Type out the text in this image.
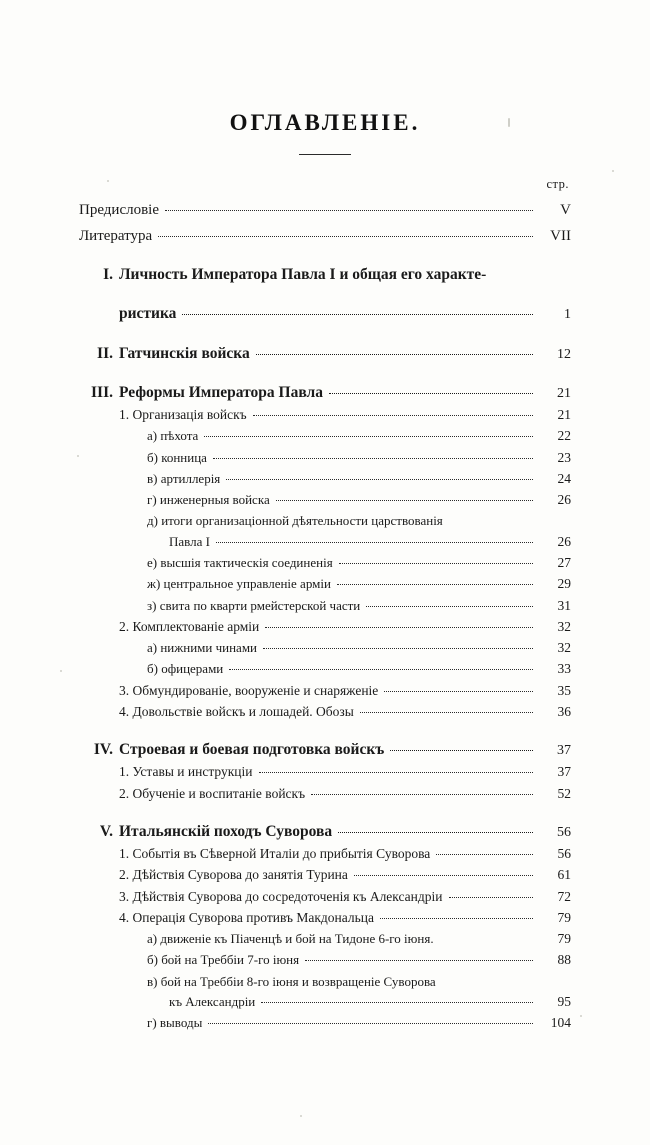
ОГЛАВЛЕНІЕ.
стр.
Предисловіе	V
Литература	VII
I. Личность Императора Павла I и общая его характе-
ристика	1
II. Гатчинскія войска	12
III. Реформы Императора Павла	21
1. Организація войскъ	21
а) пѣхота	22
б) конница	23
в) артиллерія	24
г) инженерныя войска	26
д) итоги организаціонной дѣятельности царствованія
Павла I	26
е) высшія тактическія соединенія	27
ж) центральное управленіе арміи	29
з) свита по кварти рмейстерской части	31
2. Комплектованіе арміи	32
а) нижними чинами	32
б) офицерами	33
3. Обмундированіе, вооруженіе и снаряженіе	35
4. Довольствіе войскъ и лошадей. Обозы	36
IV. Строевая и боевая подготовка войскъ	37
1. Уставы и инструкціи	37
2. Обученіе и воспитаніе войскъ	52
V. Итальянскій походъ Суворова	56
1. Событія въ Сѣверной Италіи до прибытія Суворова	56
2. Дѣйствія Суворова до занятія Турина	61
3. Дѣйствія Суворова до сосредоточенія къ Александріи	72
4. Операція Суворова противъ Макдональца	79
а) движеніе къ Піаченцѣ и бой на Тидоне 6-го іюня.	79
б) бой на Треббіи 7-го іюня	88
в) бой на Треббіи 8-го іюня и возвращеніе Суворова
къ Александріи	95
г) выводы	104
